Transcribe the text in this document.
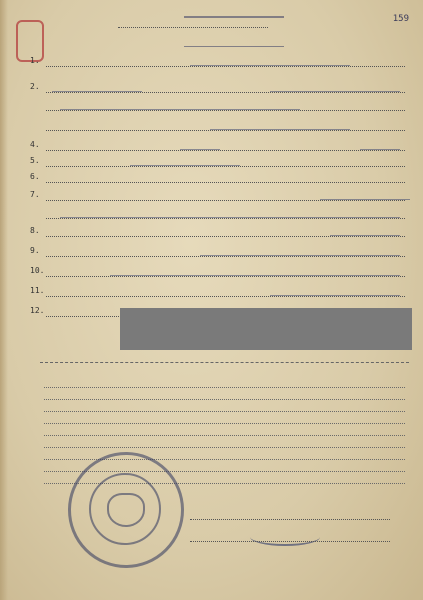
159
1.
2.
4.
5.
6.
7.
8.
9.
10.
11.
12.
